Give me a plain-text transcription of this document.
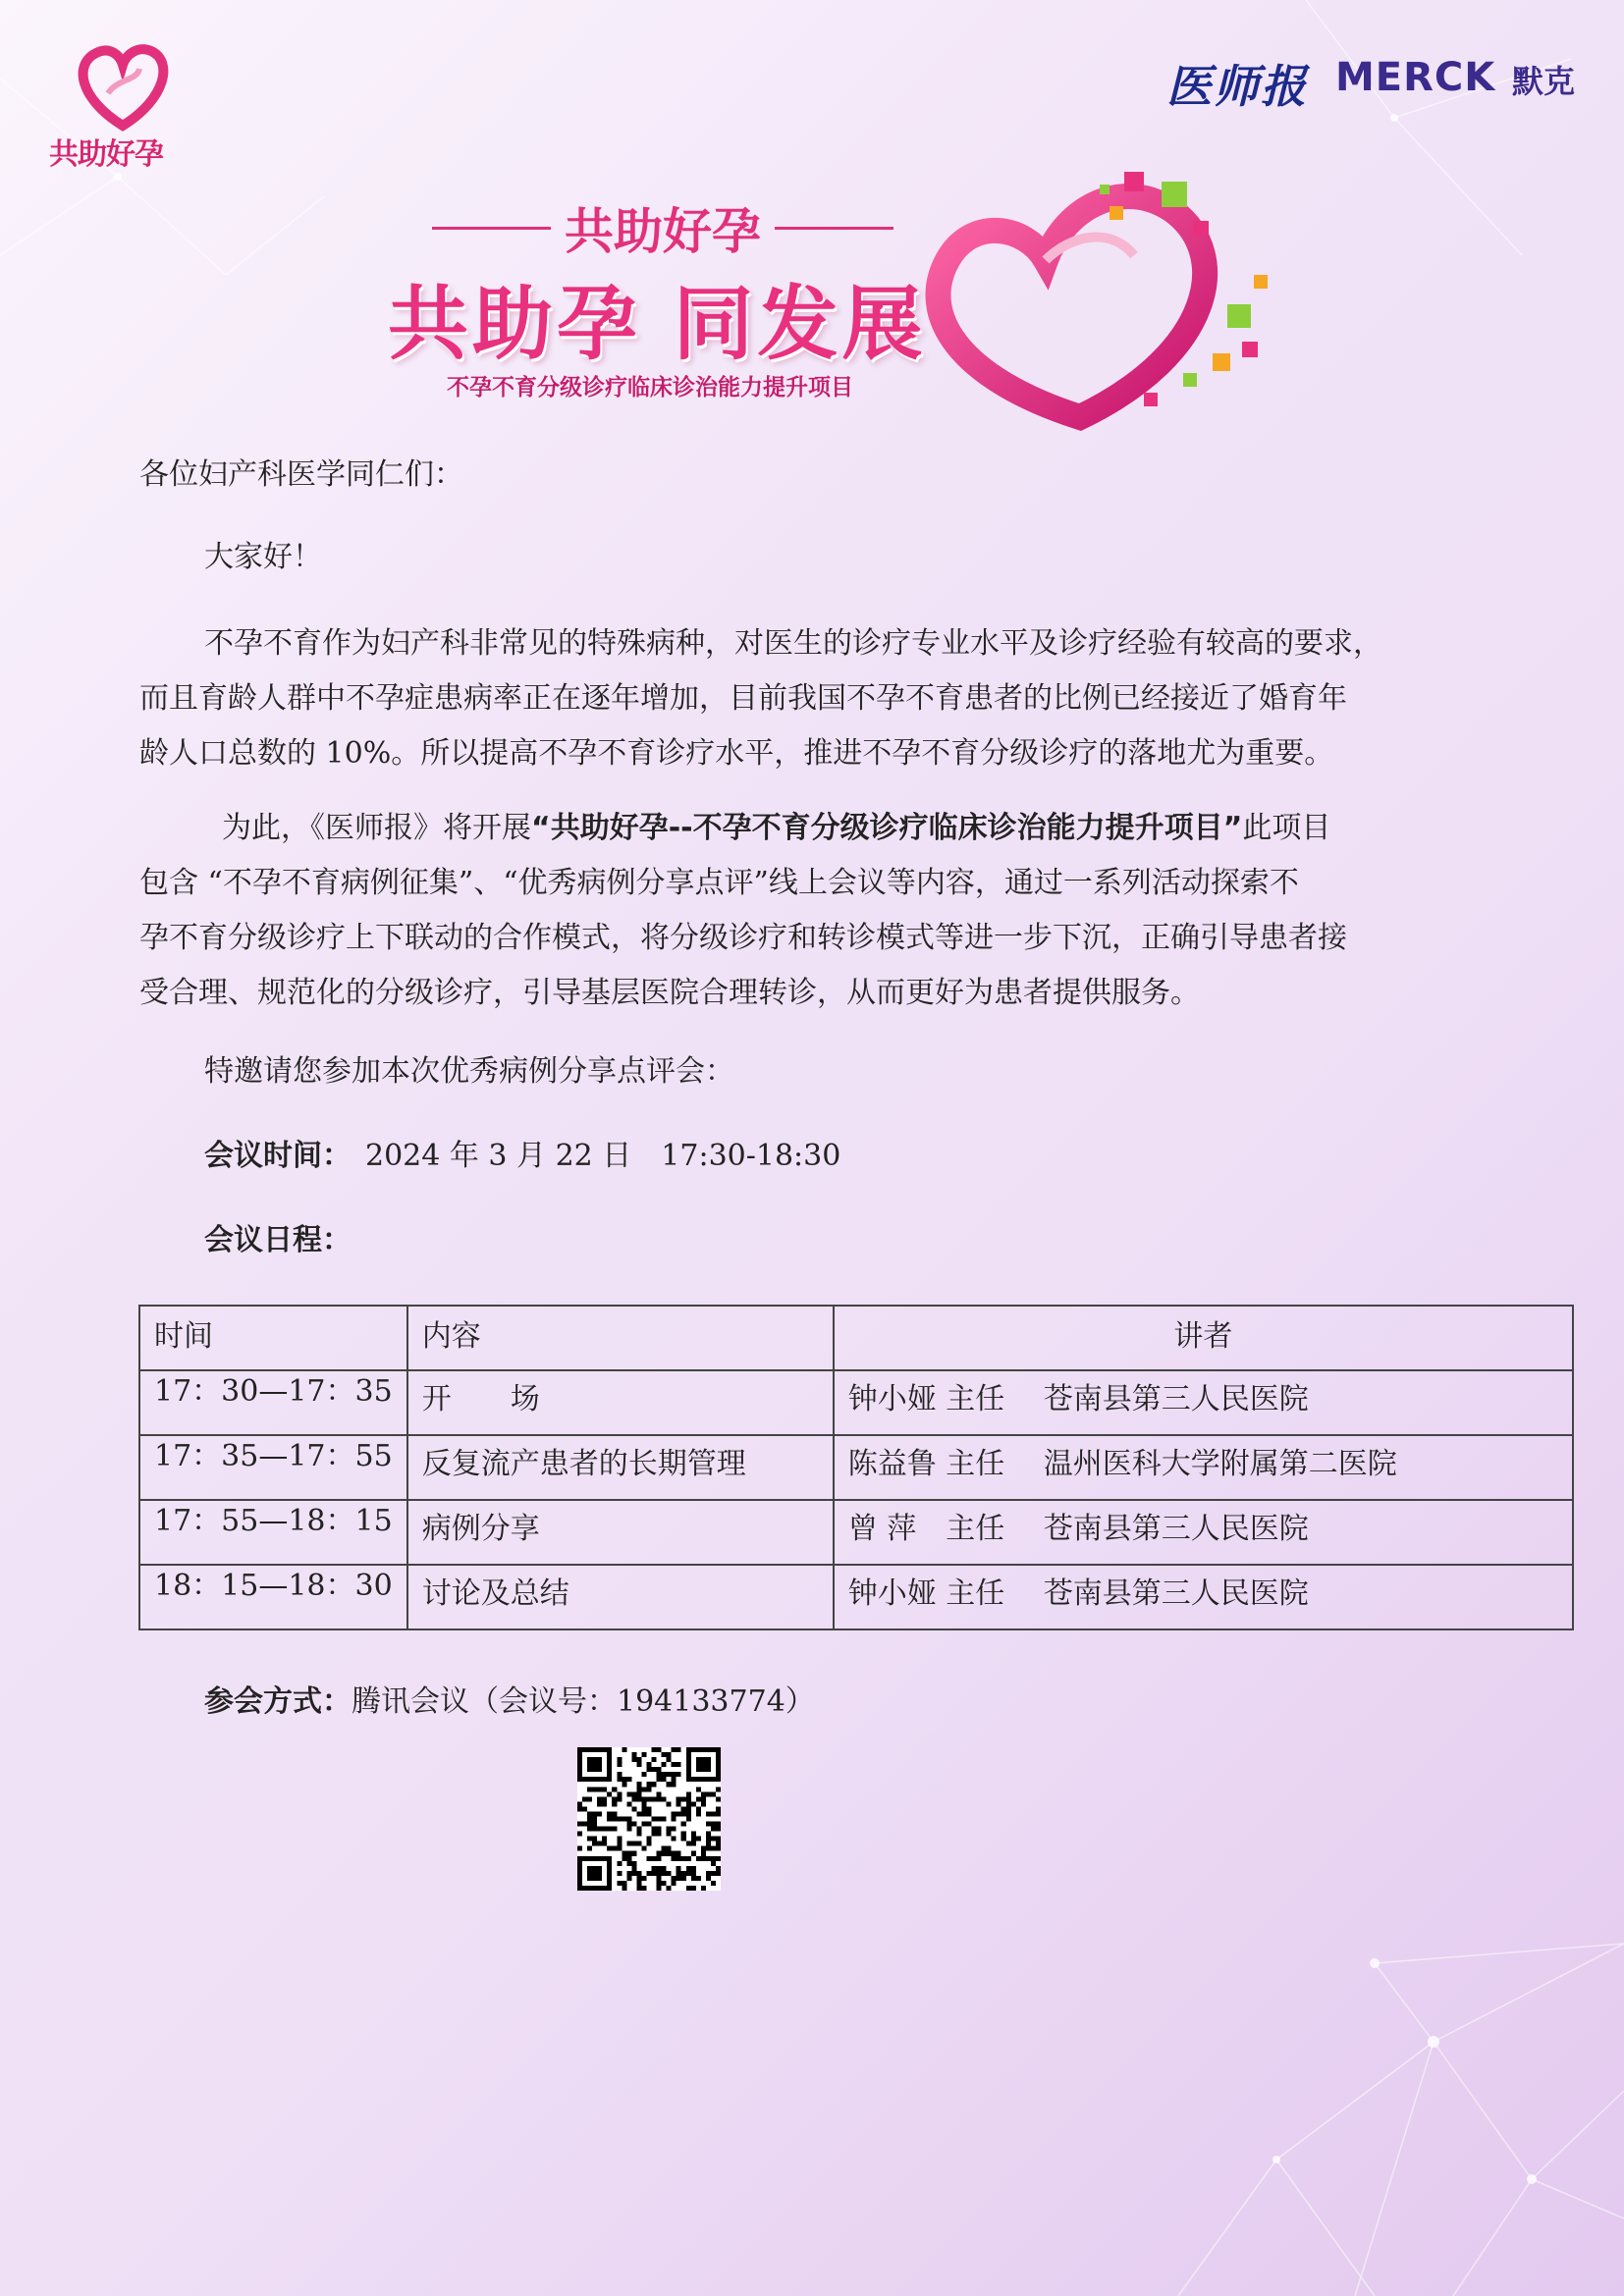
共助好孕
医师报 MERCK 默克
共助好孕
共助孕 同发展
不孕不育分级诊疗临床诊治能力提升项目
各位妇产科医学同仁们：
大家好！
不孕不育作为妇产科非常见的特殊病种，对医生的诊疗专业水平及诊疗经验有较高的要求，
而且育龄人群中不孕症患病率正在逐年增加，目前我国不孕不育患者的比例已经接近了婚育年
龄人口总数的 10%。所以提高不孕不育诊疗水平，推进不孕不育分级诊疗的落地尤为重要。
为此，《医师报》将开展“共助好孕--不孕不育分级诊疗临床诊治能力提升项目”此项目
包含 “不孕不育病例征集”、“优秀病例分享点评”线上会议等内容，通过一系列活动探索不
孕不育分级诊疗上下联动的合作模式，将分级诊疗和转诊模式等进一步下沉，正确引导患者接
受合理、规范化的分级诊疗，引导基层医院合理转诊，从而更好为患者提供服务。
特邀请您参加本次优秀病例分享点评会：
会议时间： 2024 年 3 月 22 日　17:30-18:30
会议日程：
时间	内容	讲者
17：30—17：35	开　　场	钟小娅 主任　 苍南县第三人民医院
17：35—17：55	反复流产患者的长期管理	陈益鲁 主任　 温州医科大学附属第二医院
17：55—18：15	病例分享	曾 萍　主任　 苍南县第三人民医院
18：15—18：30	讨论及总结	钟小娅 主任　 苍南县第三人民医院
参会方式：腾讯会议（会议号：194133774）
